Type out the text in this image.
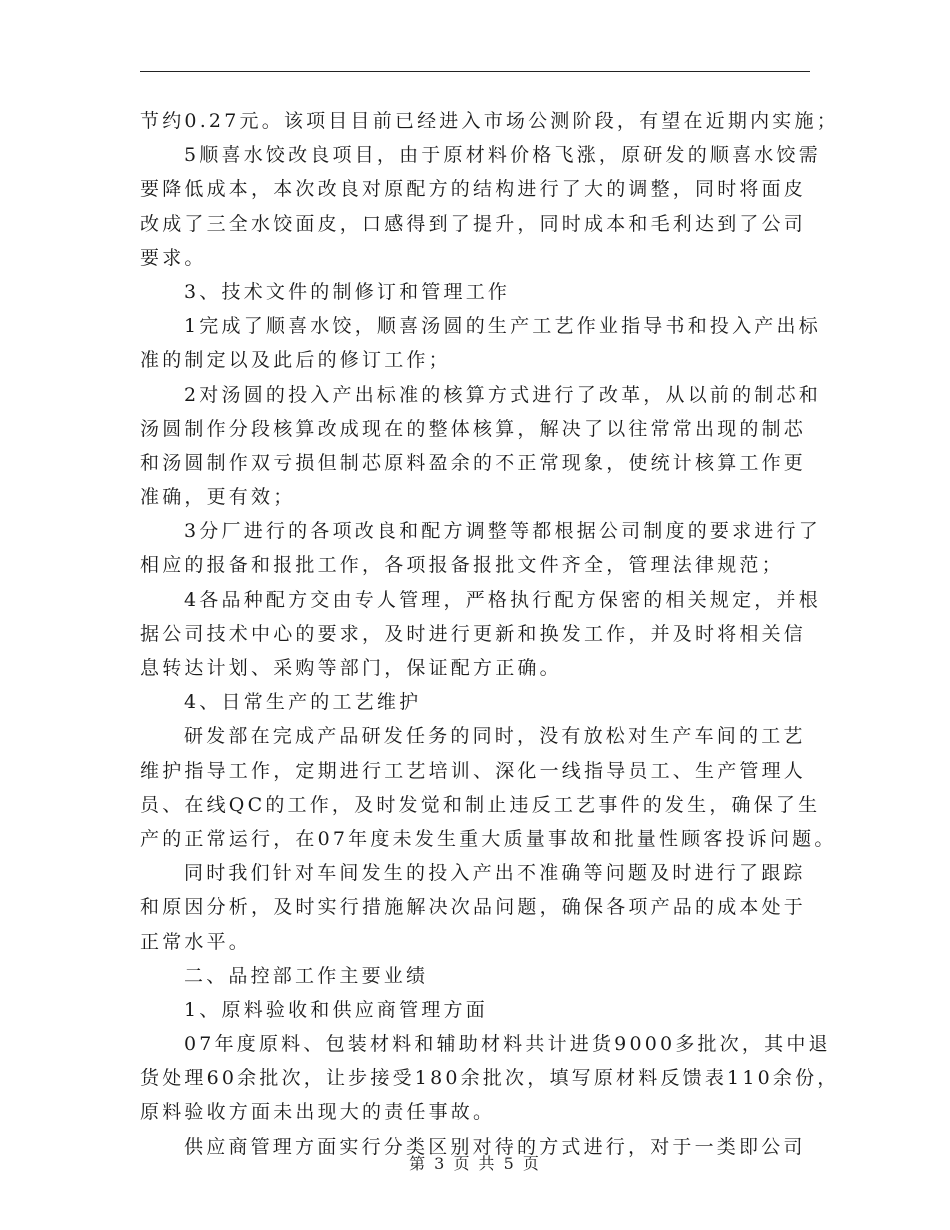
节约0.27元。该项目目前已经进入市场公测阶段，有望在近期内实施；
5顺喜水饺改良项目，由于原材料价格飞涨，原研发的顺喜水饺需
要降低成本，本次改良对原配方的结构进行了大的调整，同时将面皮
改成了三全水饺面皮，口感得到了提升，同时成本和毛利达到了公司
要求。
3、技术文件的制修订和管理工作
1完成了顺喜水饺，顺喜汤圆的生产工艺作业指导书和投入产出标
准的制定以及此后的修订工作；
2对汤圆的投入产出标准的核算方式进行了改革，从以前的制芯和
汤圆制作分段核算改成现在的整体核算，解决了以往常常出现的制芯
和汤圆制作双亏损但制芯原料盈余的不正常现象，使统计核算工作更
准确，更有效；
3分厂进行的各项改良和配方调整等都根据公司制度的要求进行了
相应的报备和报批工作，各项报备报批文件齐全，管理法律规范；
4各品种配方交由专人管理，严格执行配方保密的相关规定，并根
据公司技术中心的要求，及时进行更新和换发工作，并及时将相关信
息转达计划、采购等部门，保证配方正确。
4、日常生产的工艺维护
研发部在完成产品研发任务的同时，没有放松对生产车间的工艺
维护指导工作，定期进行工艺培训、深化一线指导员工、生产管理人
员、在线QC的工作，及时发觉和制止违反工艺事件的发生，确保了生
产的正常运行，在07年度未发生重大质量事故和批量性顾客投诉问题。
同时我们针对车间发生的投入产出不准确等问题及时进行了跟踪
和原因分析，及时实行措施解决次品问题，确保各项产品的成本处于
正常水平。
二、品控部工作主要业绩
1、原料验收和供应商管理方面
07年度原料、包装材料和辅助材料共计进货9000多批次，其中退
货处理60余批次，让步接受180余批次，填写原材料反馈表110余份，
原料验收方面未出现大的责任事故。
供应商管理方面实行分类区别对待的方式进行，对于一类即公司
第 3 页 共 5 页
